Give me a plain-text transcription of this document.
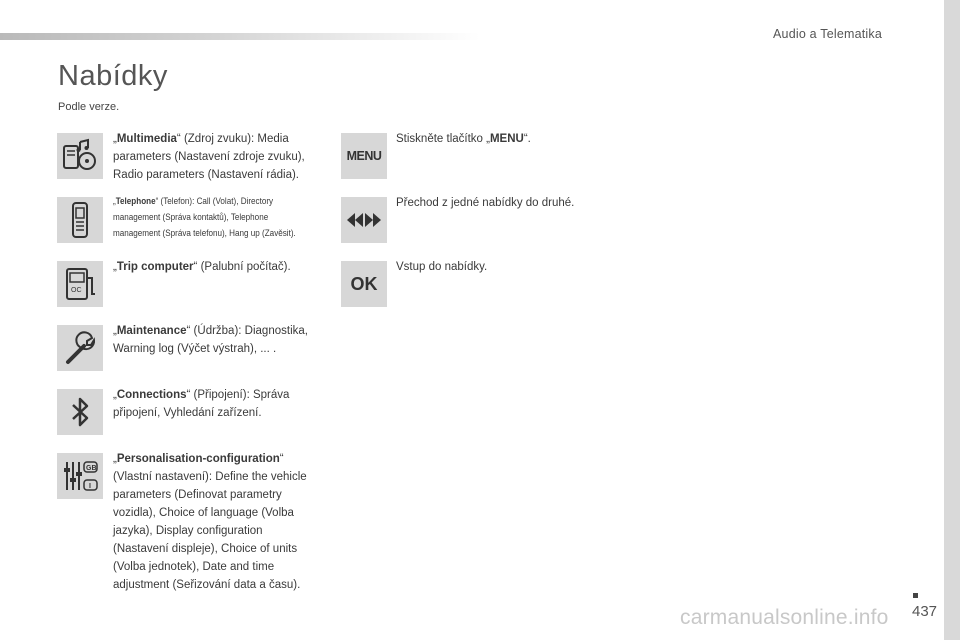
Audio a Telematika
Nabídky
Podle verze.
„Multimedia“ (Zdroj zvuku): Media parameters (Nastavení zdroje zvuku), Radio parameters (Nastavení rádia).
„Telephone“ (Telefon): Call (Volat), Directory management (Správa kontaktů), Telephone management (Správa telefonu), Hang up (Zavěsit).
OC
„Trip computer“ (Palubní počítač).
„Maintenance“ (Údržba): Diagnostika, Warning log (Výčet výstrah), ... .
„Connections“ (Připojení): Správa připojení, Vyhledání zařízení.
GB
I
„Personalisation-configuration“ (Vlastní nastavení): Define the vehicle parameters (Definovat parametry vozidla), Choice of language (Volba jazyka), Display configuration (Nastavení displeje), Choice of units (Volba jednotek), Date and time adjustment (Seřizování data a času).
MENU
Stiskněte tlačítko „MENU“.
Přechod z jedné nabídky do druhé.
OK
Vstup do nabídky.
carmanualsonline.info 437
